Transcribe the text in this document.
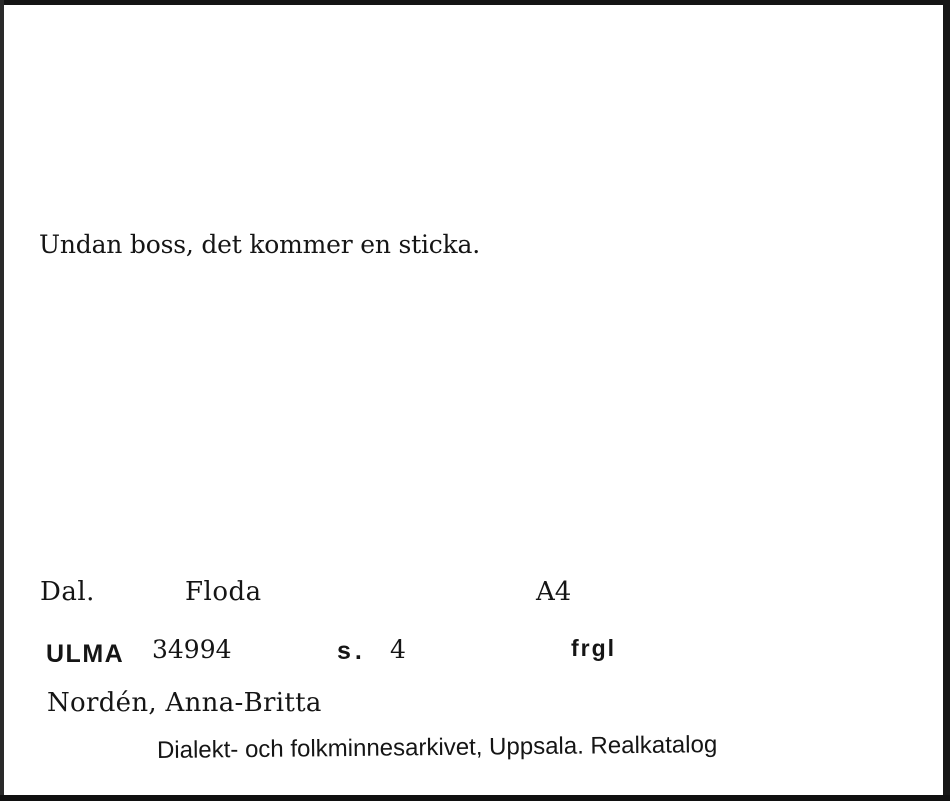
Undan boss, det kommer en sticka.
Dal.	Floda	A4
ULMA 34994	s. 4	frgl
Nordén, Anna-Britta
Dialekt- och folkminnesarkivet, Uppsala. Realkatalog
